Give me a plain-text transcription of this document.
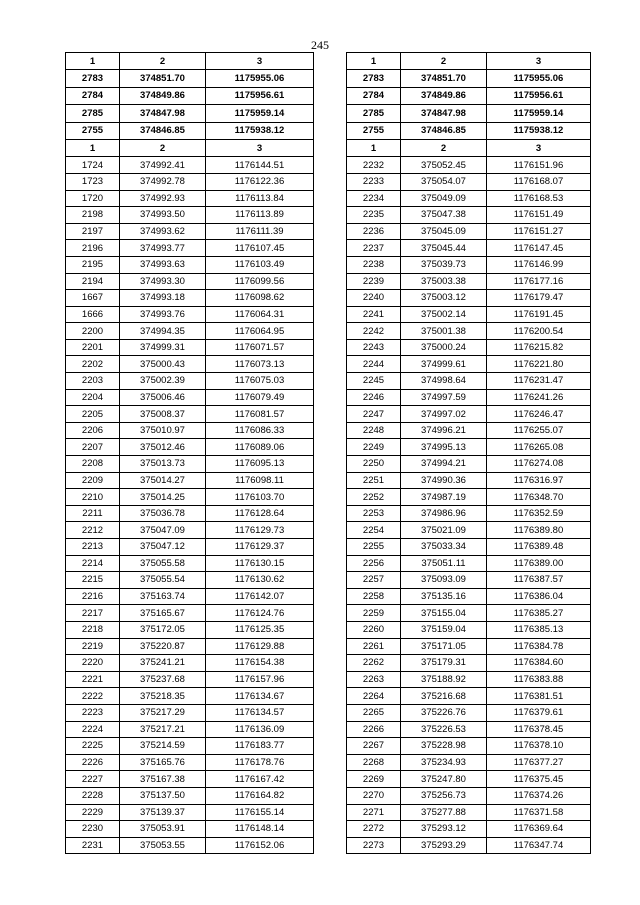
245
1	2	3
2783	374851.70	1175955.06
2784	374849.86	1175956.61
2785	374847.98	1175959.14
2755	374846.85	1175938.12
1	2	3
1724	374992.41	1176144.51
1723	374992.78	1176122.36
1720	374992.93	1176113.84
2198	374993.50	1176113.89
2197	374993.62	1176111.39
2196	374993.77	1176107.45
2195	374993.63	1176103.49
2194	374993.30	1176099.56
1667	374993.18	1176098.62
1666	374993.76	1176064.31
2200	374994.35	1176064.95
2201	374999.31	1176071.57
2202	375000.43	1176073.13
2203	375002.39	1176075.03
2204	375006.46	1176079.49
2205	375008.37	1176081.57
2206	375010.97	1176086.33
2207	375012.46	1176089.06
2208	375013.73	1176095.13
2209	375014.27	1176098.11
2210	375014.25	1176103.70
2211	375036.78	1176128.64
2212	375047.09	1176129.73
2213	375047.12	1176129.37
2214	375055.58	1176130.15
2215	375055.54	1176130.62
2216	375163.74	1176142.07
2217	375165.67	1176124.76
2218	375172.05	1176125.35
2219	375220.87	1176129.88
2220	375241.21	1176154.38
2221	375237.68	1176157.96
2222	375218.35	1176134.67
2223	375217.29	1176134.57
2224	375217.21	1176136.09
2225	375214.59	1176183.77
2226	375165.76	1176178.76
2227	375167.38	1176167.42
2228	375137.50	1176164.82
2229	375139.37	1176155.14
2230	375053.91	1176148.14
2231	375053.55	1176152.06
1	2	3
2783	374851.70	1175955.06
2784	374849.86	1175956.61
2785	374847.98	1175959.14
2755	374846.85	1175938.12
1	2	3
2232	375052.45	1176151.96
2233	375054.07	1176168.07
2234	375049.09	1176168.53
2235	375047.38	1176151.49
2236	375045.09	1176151.27
2237	375045.44	1176147.45
2238	375039.73	1176146.99
2239	375003.38	1176177.16
2240	375003.12	1176179.47
2241	375002.14	1176191.45
2242	375001.38	1176200.54
2243	375000.24	1176215.82
2244	374999.61	1176221.80
2245	374998.64	1176231.47
2246	374997.59	1176241.26
2247	374997.02	1176246.47
2248	374996.21	1176255.07
2249	374995.13	1176265.08
2250	374994.21	1176274.08
2251	374990.36	1176316.97
2252	374987.19	1176348.70
2253	374986.96	1176352.59
2254	375021.09	1176389.80
2255	375033.34	1176389.48
2256	375051.11	1176389.00
2257	375093.09	1176387.57
2258	375135.16	1176386.04
2259	375155.04	1176385.27
2260	375159.04	1176385.13
2261	375171.05	1176384.78
2262	375179.31	1176384.60
2263	375188.92	1176383.88
2264	375216.68	1176381.51
2265	375226.76	1176379.61
2266	375226.53	1176378.45
2267	375228.98	1176378.10
2268	375234.93	1176377.27
2269	375247.80	1176375.45
2270	375256.73	1176374.26
2271	375277.88	1176371.58
2272	375293.12	1176369.64
2273	375293.29	1176347.74
